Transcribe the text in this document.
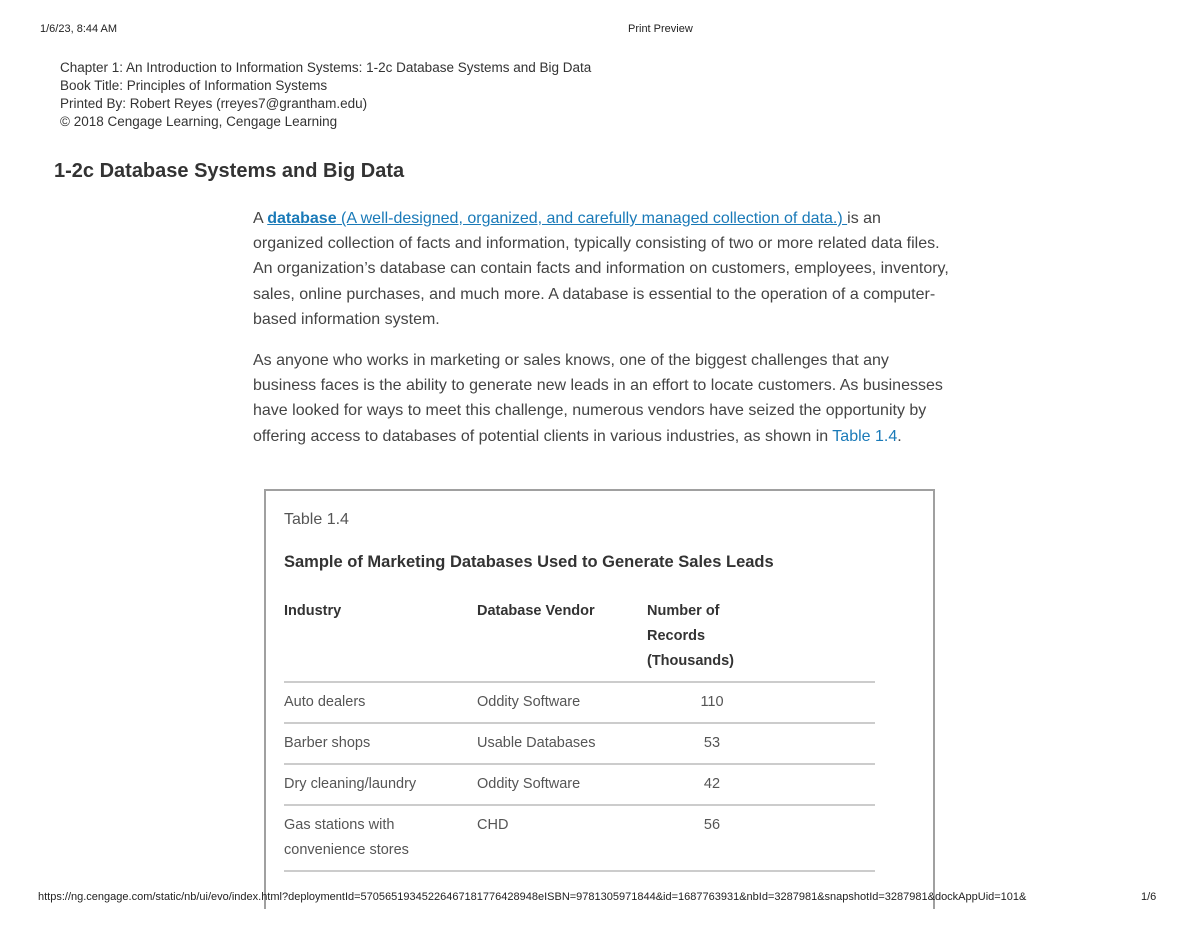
1/6/23, 8:44 AM	Print Preview
Chapter 1: An Introduction to Information Systems: 1-2c Database Systems and Big Data
Book Title: Principles of Information Systems
Printed By: Robert Reyes (rreyes7@grantham.edu)
© 2018 Cengage Learning, Cengage Learning
1-2c Database Systems and Big Data

A database (A well-designed, organized, and carefully managed collection of data.) is an organized collection of facts and information, typically consisting of two or more related data files. An organization’s database can contain facts and information on customers, employees, inventory, sales, online purchases, and much more. A database is essential to the operation of a computer-based information system.

As anyone who works in marketing or sales knows, one of the biggest challenges that any business faces is the ability to generate new leads in an effort to locate customers. As businesses have looked for ways to meet this challenge, numerous vendors have seized the opportunity by offering access to databases of potential clients in various industries, as shown in Table 1.4.

Table 1.4
Sample of Marketing Databases Used to Generate Sales Leads
Industry	Database Vendor	Number of Records (Thousands)	
Auto dealers	Oddity Software	110	
Barber shops	Usable Databases	53	
Dry cleaning/laundry	Oddity Software	42	
Gas stations with convenience stores	CHD	56	
https://ng.cengage.com/static/nb/ui/evo/index.html?deploymentId=57056519345226467181776428948eISBN=9781305971844&id=1687763931&nbId=3287981&snapshotId=3287981&dockAppUid=101&	1/6
